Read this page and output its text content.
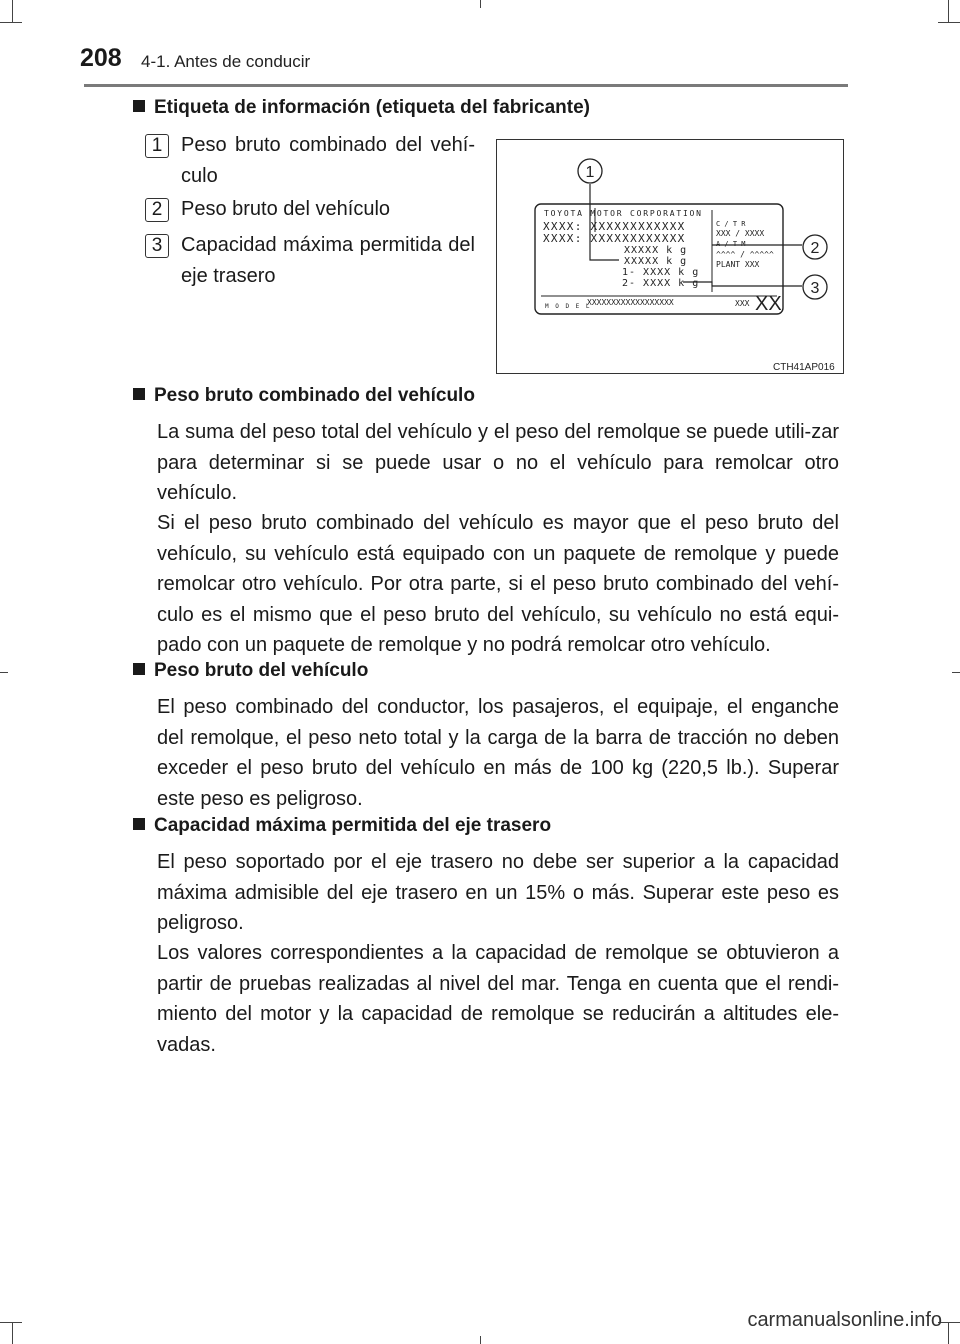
208 4-1. Antes de conducir
Etiqueta de información (etiqueta del fabricante)
1 Peso bruto combinado del vehí-culo
2 Peso bruto del vehículo
3 Capacidad máxima permitida del eje trasero
TOYOTA MOTOR CORPORATION
XXXX: XXXXXXXXXXXX
XXXX: XXXXXXXXXXXX
C / T R
XXX / XXXX
A / T M
XXXXX k g
XXXXX k g
1- XXXX k g
2- XXXX k g
^^^^ / ^^^^^
PLANT XXX
M O D E L
XXXXXXXXXXXXXXXXXX	XXX XX
1
2
3
CTH41AP016
Peso bruto combinado del vehículo
La suma del peso total del vehículo y el peso del remolque se puede utili-zar para determinar si se puede usar o no el vehículo para remolcar otro vehículo.
Si el peso bruto combinado del vehículo es mayor que el peso bruto del vehículo, su vehículo está equipado con un paquete de remolque y puede remolcar otro vehículo. Por otra parte, si el peso bruto combinado del vehí-culo es el mismo que el peso bruto del vehículo, su vehículo no está equi-pado con un paquete de remolque y no podrá remolcar otro vehículo.
Peso bruto del vehículo
El peso combinado del conductor, los pasajeros, el equipaje, el enganche del remolque, el peso neto total y la carga de la barra de tracción no deben exceder el peso bruto del vehículo en más de 100 kg (220,5 lb.). Superar este peso es peligroso.
Capacidad máxima permitida del eje trasero
El peso soportado por el eje trasero no debe ser superior a la capacidad máxima admisible del eje trasero en un 15% o más. Superar este peso es peligroso.
Los valores correspondientes a la capacidad de remolque se obtuvieron a partir de pruebas realizadas al nivel del mar. Tenga en cuenta que el rendi-miento del motor y la capacidad de remolque se reducirán a altitudes ele-vadas.
carmanualsonline.info
